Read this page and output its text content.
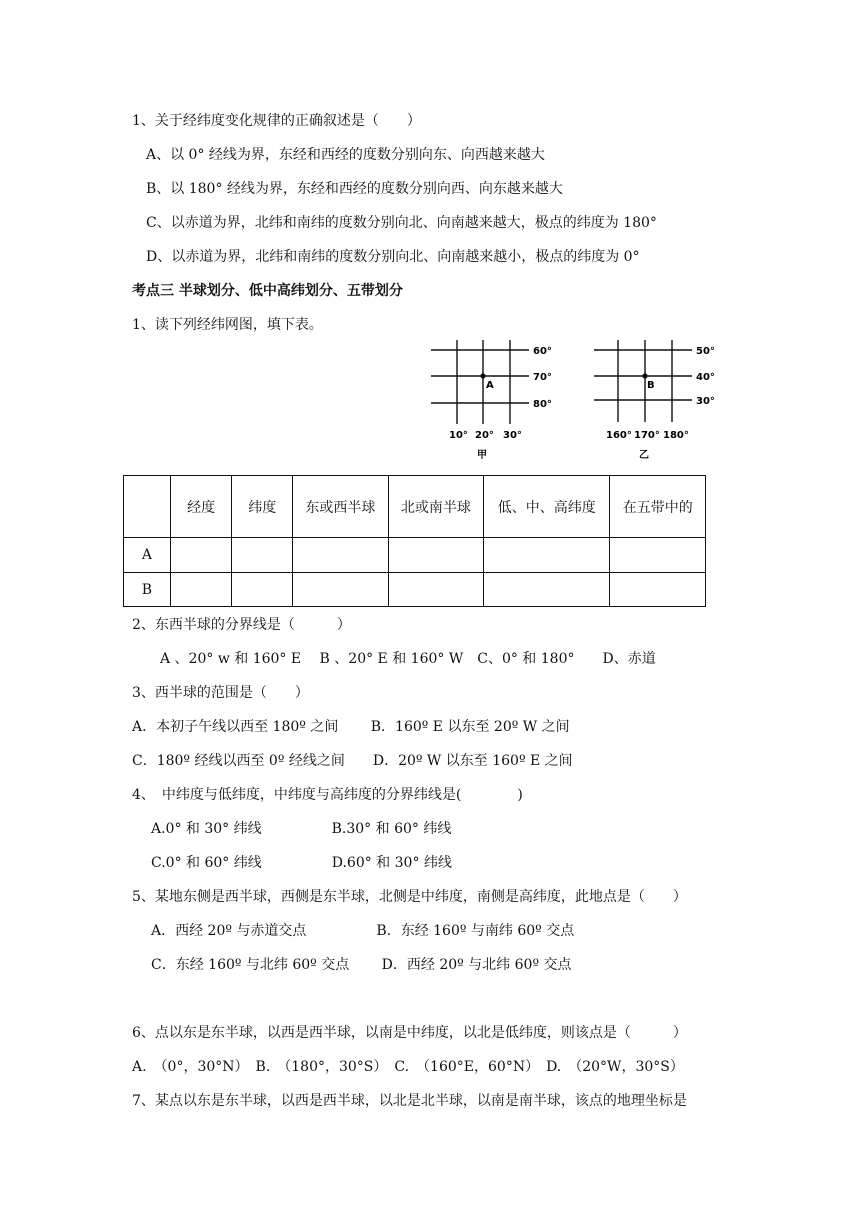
1、关于经纬度变化规律的正确叙述是（　　）
A、以 0° 经线为界，东经和西经的度数分别向东、向西越来越大
B、以 180° 经线为界，东经和西经的度数分别向西、向东越来越大
C、以赤道为界，北纬和南纬的度数分别向北、向南越来越大，极点的纬度为 180°
D、以赤道为界，北纬和南纬的度数分别向北、向南越来越小，极点的纬度为 0°
考点三 半球划分、低中高纬划分、五带划分
1、读下列经纬网图，填下表。
A
60°
70°
80°
10° 20° 30°
甲
B
50°
40°
30°
160° 170° 180°
乙
	经度	纬度	东或西半球	北或南半球	低、中、高纬度	在五带中的
A						
B						
2、东西半球的分界线是（　　　）
A 、20° w 和 160° E　 B 、20° E 和 160° W　C、0° 和 180°　　D、赤道
3、西半球的范围是（　　）
A．本初子午线以西至 180º 之间　　 B．160º E 以东至 20º W 之间
C．180º 经线以西至 0º 经线之间　　D．20º W 以东至 160º E 之间
4、　中纬度与低纬度，中纬度与高纬度的分界纬线是(　　　　)
A.0° 和 30° 纬线　　　　　B.30° 和 60° 纬线
C.0° 和 60° 纬线　　　　　D.60° 和 30° 纬线
5、某地东侧是西半球，西侧是东半球，北侧是中纬度，南侧是高纬度，此地点是（　　）
A．西经 20º 与赤道交点　　　　　B．东经 160º 与南纬 60º 交点
C．东经 160º 与北纬 60º 交点　　 D．西经 20º 与北纬 60º 交点
6、点以东是东半球，以西是西半球，以南是中纬度，以北是低纬度，则该点是（　　　）
A.　（0°，30°N）　B.　（180°，30°S）　C.　（160°E，60°N）　D.　（20°W，30°S）
7、某点以东是东半球，以西是西半球，以北是北半球，以南是南半球，该点的地理坐标是
